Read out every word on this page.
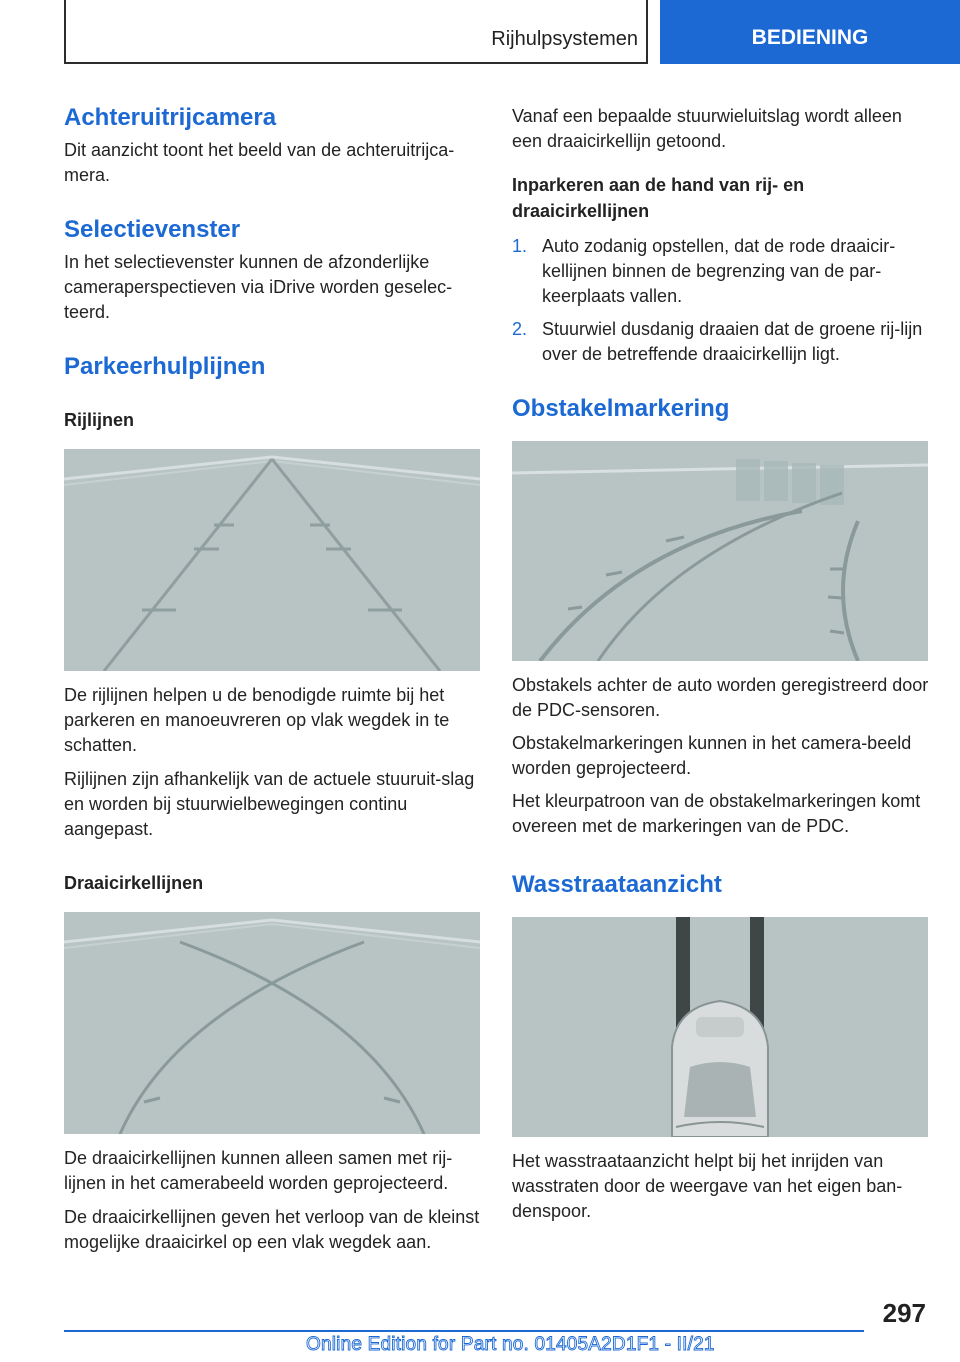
Rijhulpsystemen	BEDIENING
Achteruitrijcamera

Dit aanzicht toont het beeld van de achteruitrijca-mera.

Selectievenster

In het selectievenster kunnen de afzonderlijke cameraperspectieven via iDrive worden geselec-teerd.

Parkeerhulplijnen
Rijlijnen

De rijlijnen helpen u de benodigde ruimte bij het parkeren en manoeuvreren op vlak wegdek in te schatten.

Rijlijnen zijn afhankelijk van de actuele stuuruit-slag en worden bij stuurwielbewegingen continu aangepast.

Draaicirkellijnen

De draaicirkellijnen kunnen alleen samen met rij-lijnen in het camerabeeld worden geprojecteerd.

De draaicirkellijnen geven het verloop van de kleinst mogelijke draaicirkel op een vlak wegdek aan.

Vanaf een bepaalde stuurwieluitslag wordt alleen een draaicirkellijn getoond.

Inparkeren aan de hand van rij- en draaicirkellijnen
1. Auto zodanig opstellen, dat de rode draaicir-kellijnen binnen de begrenzing van de par-keerplaats vallen.
2. Stuurwiel dusdanig draaien dat de groene rij-lijn over de betreffende draaicirkellijn ligt.
Obstakelmarkering

Obstakels achter de auto worden geregistreerd door de PDC-sensoren.

Obstakelmarkeringen kunnen in het camera-beeld worden geprojecteerd.

Het kleurpatroon van de obstakelmarkeringen komt overeen met de markeringen van de PDC.

Wasstraataanzicht

Het wasstraataanzicht helpt bij het inrijden van wasstraten door de weergave van het eigen ban-denspoor.

297
Online Edition for Part no. 01405A2D1F1 - II/21
